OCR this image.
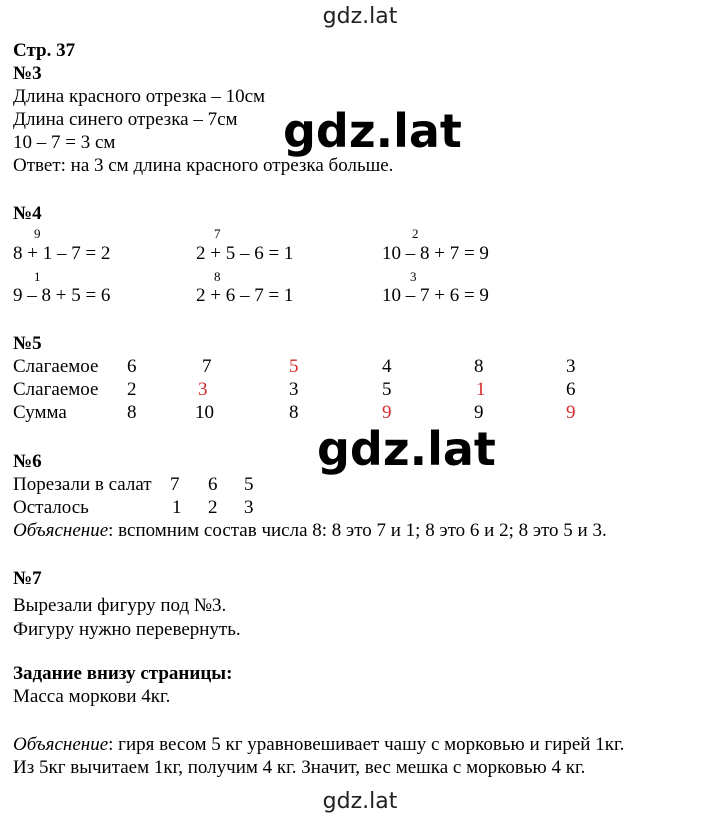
gdz.lat
Стр. 37
№3
Длина красного отрезка – 10см
Длина синего отрезка – 7см
10 – 7 = 3 см
Ответ: на 3 см длина красного отрезка больше.
gdz.lat
№4
9	7	2
8 + 1 – 7 = 2	2 + 5 – 6 = 1	10 – 8 + 7 = 9
1	8	3
9 – 8 + 5 = 6	2 + 6 – 7 = 1	10 – 7 + 6 = 9
№5
Слагаемое 6	7	5	4	8	3
Слагаемое 2	3	3	5	1	6
Сумма	8	10	8	9	9	9
gdz.lat
№6
Порезали в салат 7 6 5
Осталось	1 2 3
Объяснение: вспомним состав числа 8: 8 это 7 и 1; 8 это 6 и 2; 8 это 5 и 3.
№7
Вырезали фигуру под №3.
Фигуру нужно перевернуть.
Задание внизу страницы:
Масса моркови 4кг.
Объяснение: гиря весом 5 кг уравновешивает чашу с морковью и гирей 1кг.
Из 5кг вычитаем 1кг, получим 4 кг. Значит, вес мешка с морковью 4 кг.
gdz.lat
